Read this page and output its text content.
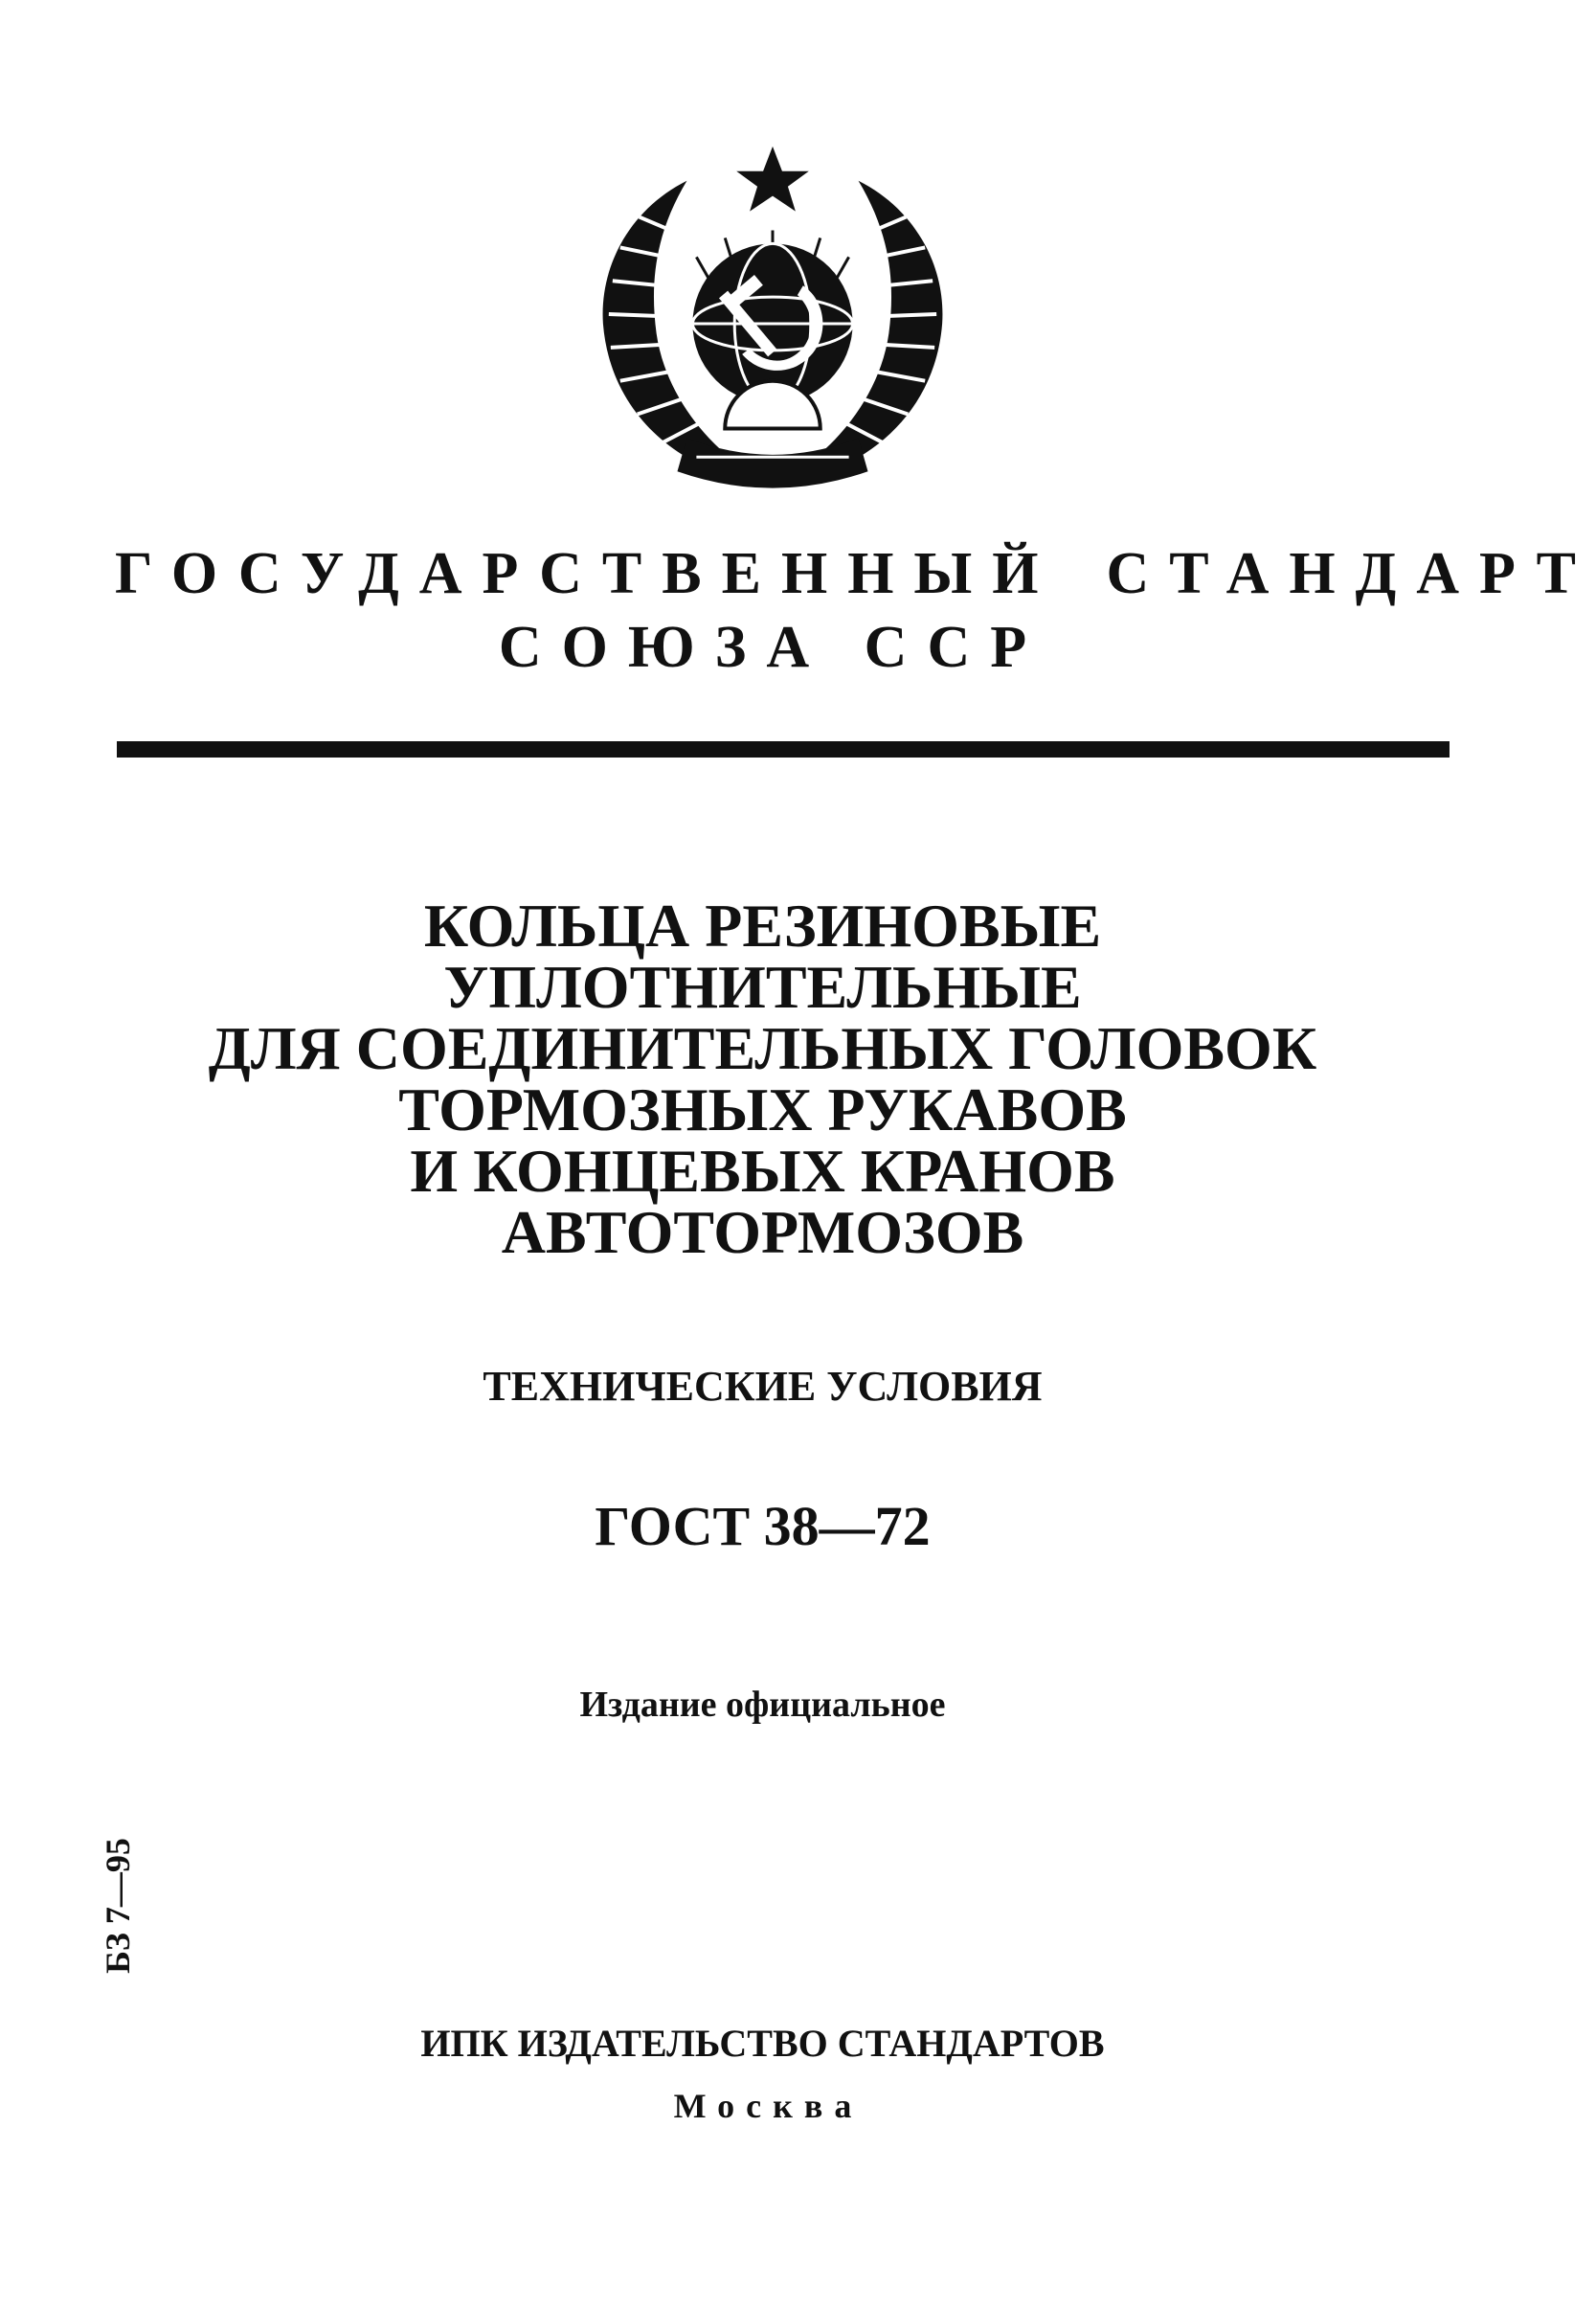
ГОСУДАРСТВЕННЫЙ СТАНДАРТ
СОЮЗА ССР
КОЛЬЦА РЕЗИНОВЫЕ
УПЛОТНИТЕЛЬНЫЕ
ДЛЯ СОЕДИНИТЕЛЬНЫХ ГОЛОВОК
ТОРМОЗНЫХ РУКАВОВ
И КОНЦЕВЫХ КРАНОВ
АВТОТОРМОЗОВ
ТЕХНИЧЕСКИЕ УСЛОВИЯ
ГОСТ 38—72
Издание официальное
БЗ 7—95
ИПК ИЗДАТЕЛЬСТВО СТАНДАРТОВ
Москва
